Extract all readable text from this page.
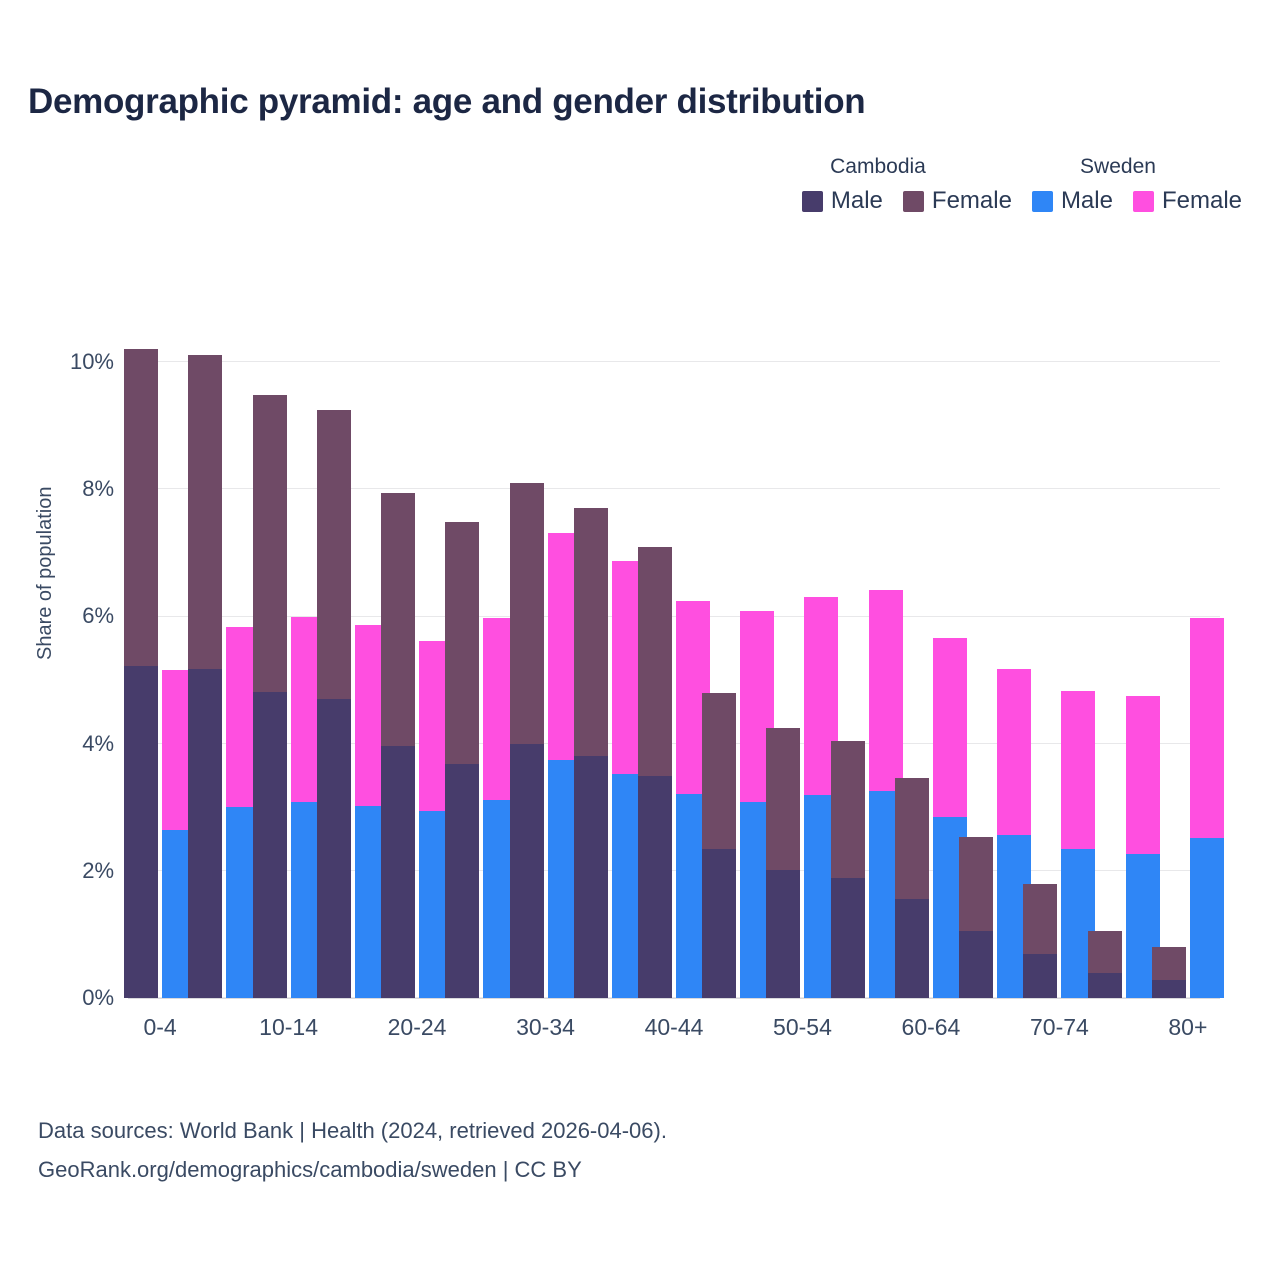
Demographic pyramid: age and gender distribution
Cambodia	Sweden
Male Female Male Female
Share of population
0%
2%
4%
6%
8%
10%
0-4	10-14	20-24	30-34	40-44	50-54	60-64	70-74	80+
Data sources: World Bank | Health (2024, retrieved 2026-04-06).
GeoRank.org/demographics/cambodia/sweden | CC BY
